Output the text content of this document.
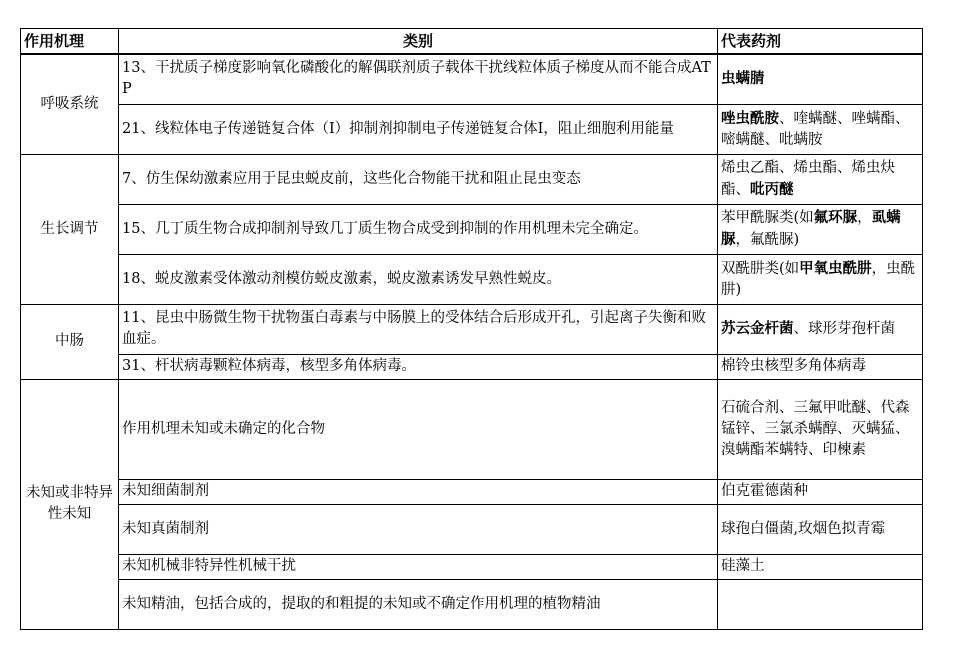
作用机理	类别	代表药剂
呼吸系统	13、干扰质子梯度影响氧化磷酸化的解偶联剂质子载体干扰线粒体质子梯度从而不能合成ATP	虫螨腈
	21、线粒体电子传递链复合体（I）抑制剂抑制电子传递链复合体I，阻止细胞利用能量	唑虫酰胺、喹螨醚、唑螨酯、嘧螨醚、吡螨胺
生长调节	7、仿生保幼激素应用于昆虫蜕皮前，这些化合物能干扰和阻止昆虫变态	烯虫乙酯、烯虫酯、烯虫炔酯、吡丙醚
	15、几丁质生物合成抑制剂导致几丁质生物合成受到抑制的作用机理未完全确定。	苯甲酰脲类(如氟环脲，虱螨脲，氟酰脲)
	18、蜕皮激素受体激动剂模仿蜕皮激素，蜕皮激素诱发早熟性蜕皮。	双酰肼类(如甲氧虫酰肼，虫酰肼)
中肠	11、昆虫中肠微生物干扰物蛋白毒素与中肠膜上的受体结合后形成开孔，引起离子失衡和败血症。	苏云金杆菌、球形芽孢杆菌
	31、杆状病毒颗粒体病毒，核型多角体病毒。	棉铃虫核型多角体病毒
未知或非特异性未知	作用机理未知或未确定的化合物	石硫合剂、三氟甲吡醚、代森锰锌、三氯杀螨醇、灭螨猛、溴螨酯苯螨特、印楝素
	未知细菌制剂	伯克霍德菌种
	未知真菌制剂	球孢白僵菌,玫烟色拟青霉
	未知机械非特异性机械干扰	硅藻土
	未知精油，包括合成的，提取的和粗提的未知或不确定作用机理的植物精油	
